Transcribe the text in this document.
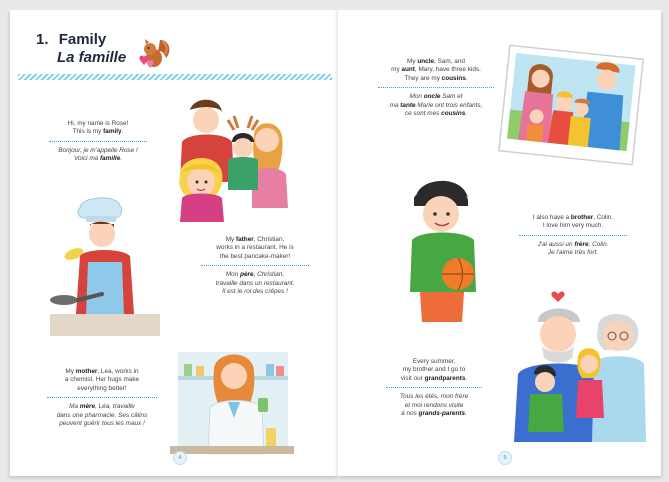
1. Family
La famille
Hi, my name is Rose!
This is my family.
Bonjour, je m'appelle Rose !
Voici ma famille.
My father, Christian,
works in a restaurant. He is
the best pancake-maker!
Mon père, Christian,
travaille dans un restaurant.
Il est le roi des crêpes !
My mother, Lea, works in
a chemist. Her hugs make
everything better!
Ma mère, Léa, travaille
dans une pharmacie. Ses câlins
peuvent guérir tous les maux !
4
My uncle, Sam, and
my aunt, Mary, have three kids.
They are my cousins.
Mon oncle Sam et
ma tante Marie ont trois enfants,
ce sont mes cousins.
I also have a brother, Colin.
I love him very much.
J'ai aussi un frère, Colin.
Je l'aime très fort.
Every summer,
my brother and I go to
visit our grandparents.
Tous les étés, mon frère
et moi rendons visite
à nos grands-parents.
5
